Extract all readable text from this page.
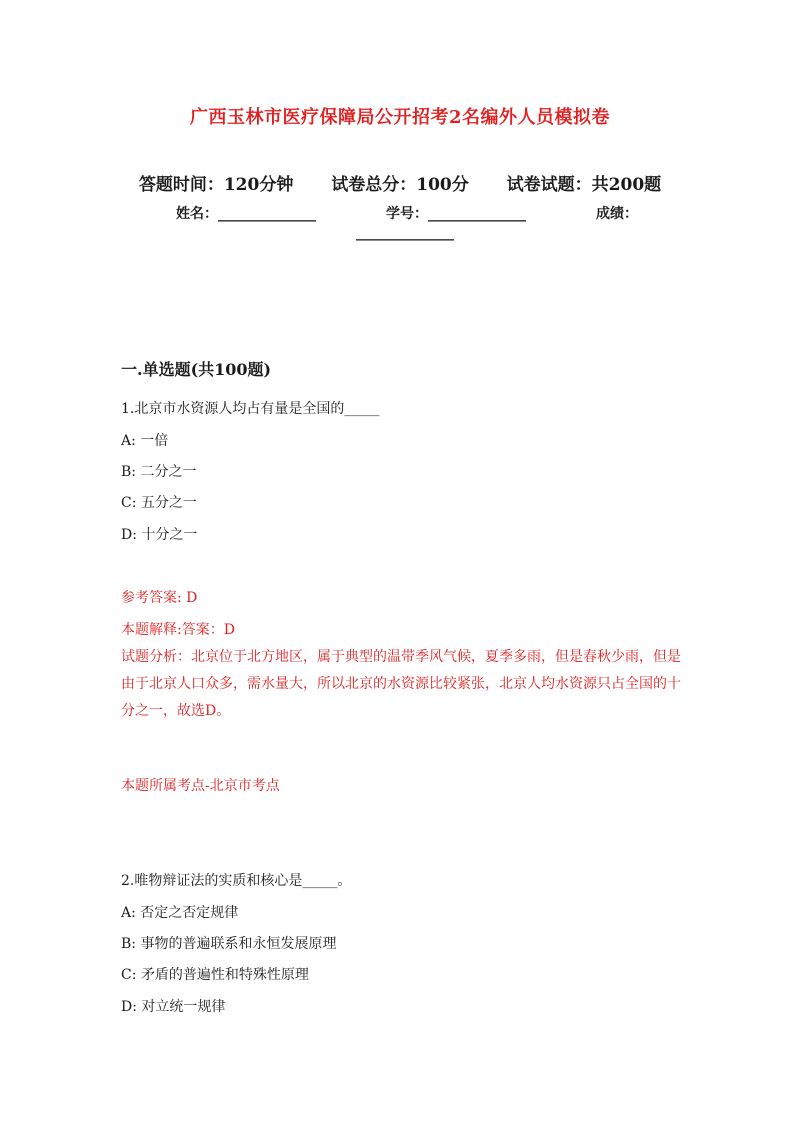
广西玉林市医疗保障局公开招考2名编外人员模拟卷
答题时间：120分钟 试卷总分：100分 试卷试题：共200题
姓名：______________	学号：______________	成绩：
______________
一.单选题(共100题)
1.北京市水资源人均占有量是全国的_____
A: 一倍
B: 二分之一
C: 五分之一
D: 十分之一
参考答案: D
本题解释:答案：D
试题分析：北京位于北方地区，属于典型的温带季风气候，夏季多雨，但是春秋少雨，但是由于北京人口众多，需水量大，所以北京的水资源比较紧张，北京人均水资源只占全国的十分之一，故选D。
本题所属考点-北京市考点
2.唯物辩证法的实质和核心是_____。
A: 否定之否定规律
B: 事物的普遍联系和永恒发展原理
C: 矛盾的普遍性和特殊性原理
D: 对立统一规律
